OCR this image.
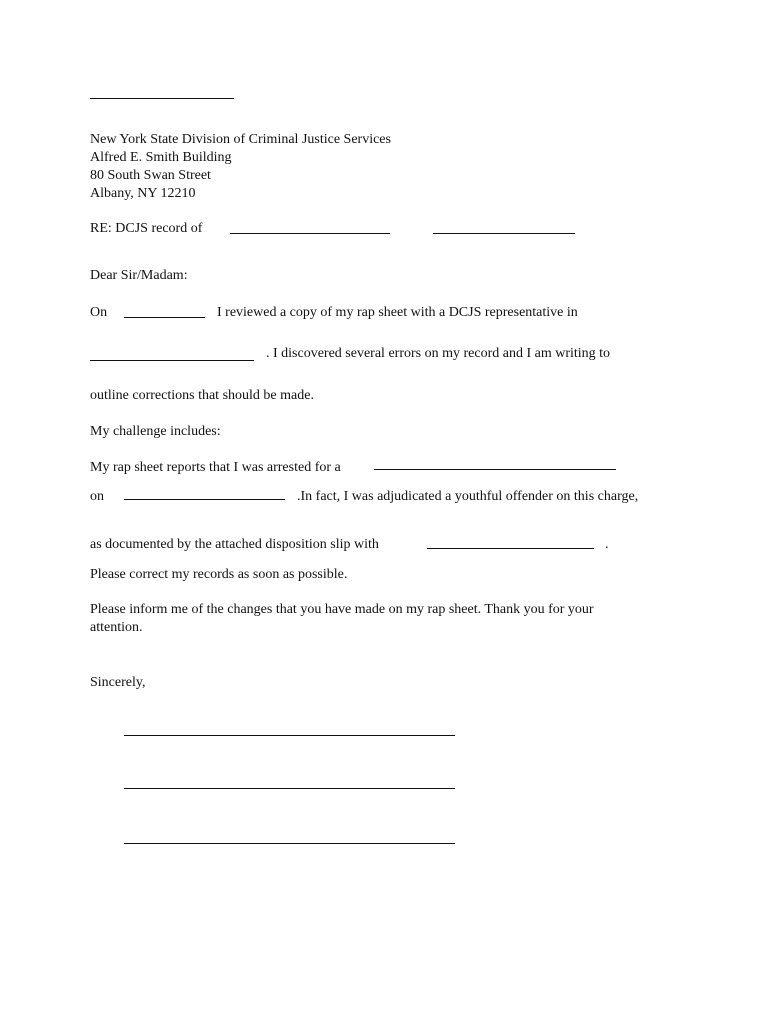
New York State Division of Criminal Justice Services
Alfred E. Smith Building
80 South Swan Street
Albany, NY 12210
RE: DCJS record of
Dear Sir/Madam:
On	I reviewed a copy of my rap sheet with a DCJS representative in
. I discovered several errors on my record and I am writing to
outline corrections that should be made.
My challenge includes:
My rap sheet reports that I was arrested for a
on	.In fact, I was adjudicated a youthful offender on this charge,
as documented by the attached disposition slip with	.
Please correct my records as soon as possible.
Please inform me of the changes that you have made on my rap sheet. Thank you for your
attention.
Sincerely,
